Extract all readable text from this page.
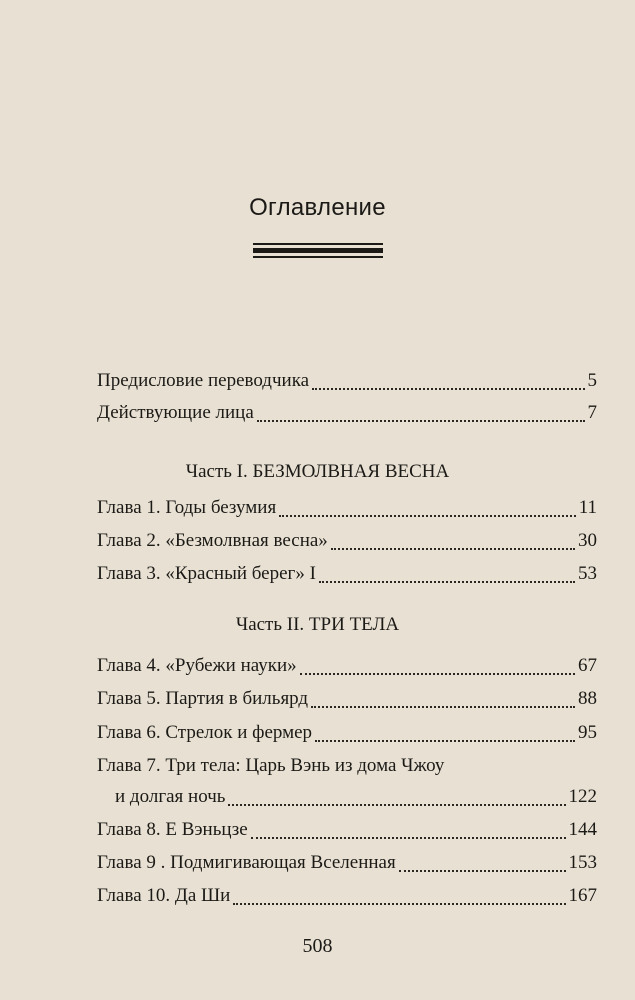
Оглавление
Предисловие переводчика	5
Действующие лица	7
Часть I. БЕЗМОЛВНАЯ ВЕСНА
Глава 1. Годы безумия	11
Глава 2. «Безмолвная весна»	30
Глава 3. «Красный берег» I	53
Часть II. ТРИ ТЕЛА
Глава 4. «Рубежи науки»	67
Глава 5. Партия в бильярд	88
Глава 6. Стрелок и фермер	95
Глава 7. Три тела: Царь Вэнь из дома Чжоу
и долгая ночь	122
Глава 8. Е Вэньцзе	144
Глава 9 . Подмигивающая Вселенная	153
Глава 10. Да Ши	167
508
